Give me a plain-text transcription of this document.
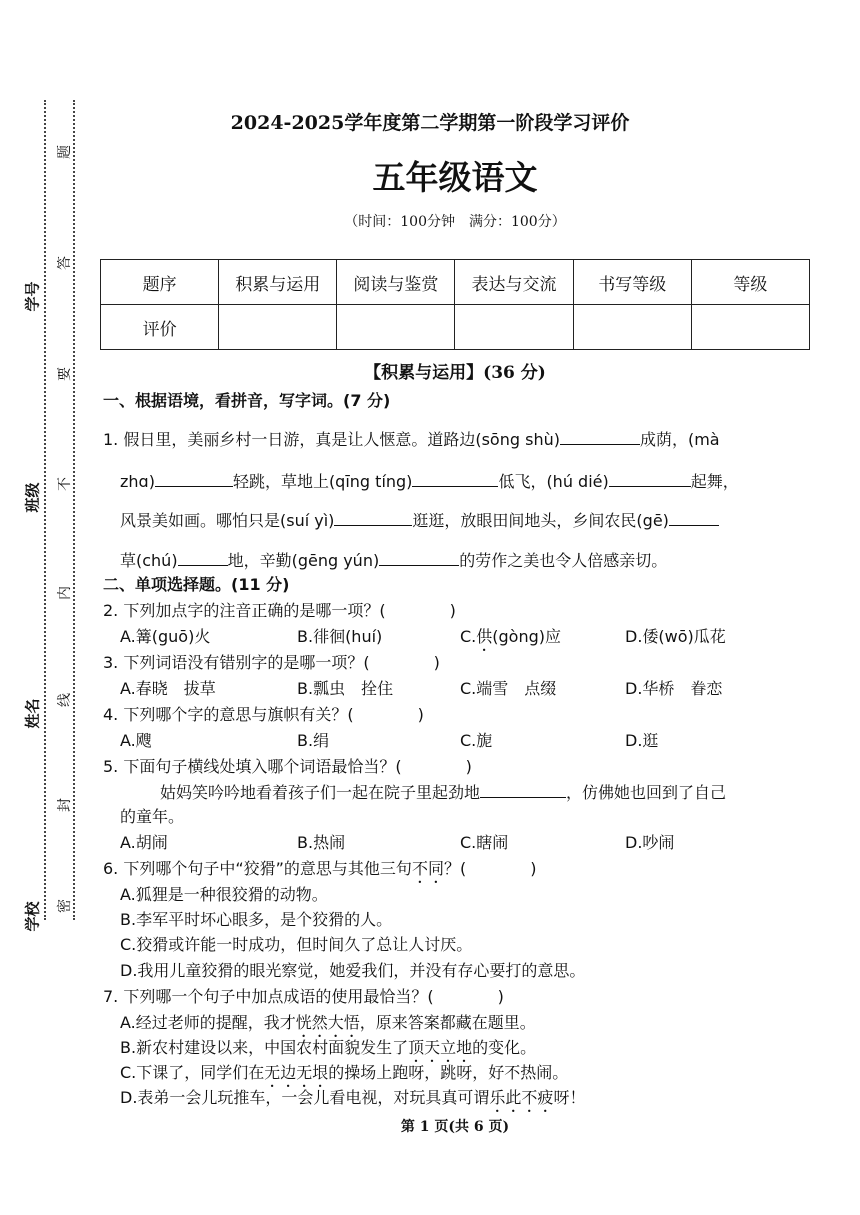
题
答
要
不
内
线
封
密
学号
班级
姓名
学校
2024-2025学年度第二学期第一阶段学习评价
五年级语文
（时间：100分钟　满分：100分）
题序	积累与运用	阅读与鉴赏	表达与交流	书写等级	等级
评价					
【积累与运用】(36 分)
一、根据语境，看拼音，写字词。(7 分)
1. 假日里，美丽乡村一日游，真是让人惬意。道路边(sōng shù)	成荫，(mà
zhɑ)	轻跳，草地上(qīng tíng)	低飞，(hú dié)	起舞，
风景美如画。哪怕只是(suí yì)	逛逛，放眼田间地头，乡间农民(gē)
草(chú)	地，辛勤(gēng yún)	的劳作之美也令人倍感亲切。
二、单项选择题。(11 分)
2. 下列加点字的注音正确的是哪一项？(　　　　)
A.篝(guō)火	B.徘徊(huí)	C.供(gòng)应	D.倭(wō)瓜花
3. 下列词语没有错别字的是哪一项？(　　　　)
A.春晓　拔草	B.瓢虫　拴住	C.端雪　点缀	D.华桥　眷恋
4. 下列哪个字的意思与旗帜有关？(　　　　)
A.飕	B.绢	C.旎	D.逛
5. 下面句子横线处填入哪个词语最恰当？(　　　　)
姑妈笑吟吟地看着孩子们一起在院子里起劲地	，仿佛她也回到了自己
的童年。
A.胡闹	B.热闹	C.瞎闹	D.吵闹
6. 下列哪个句子中“狡猾”的意思与其他三句不同？(　　　　)
A.狐狸是一种很狡猾的动物。
B.李军平时坏心眼多，是个狡猾的人。
C.狡猾或许能一时成功，但时间久了总让人讨厌。
D.我用儿童狡猾的眼光察觉，她爱我们，并没有存心要打的意思。
7. 下列哪一个句子中加点成语的使用最恰当？(　　　　)
A.经过老师的提醒，我才恍然大悟，原来答案都藏在题里。
B.新农村建设以来，中国农村面貌发生了顶天立地的变化。
C.下课了，同学们在无边无垠的操场上跑呀，跳呀，好不热闹。
D.表弟一会儿玩推车，一会儿看电视，对玩具真可谓乐此不疲呀！
第 1 页(共 6 页)
